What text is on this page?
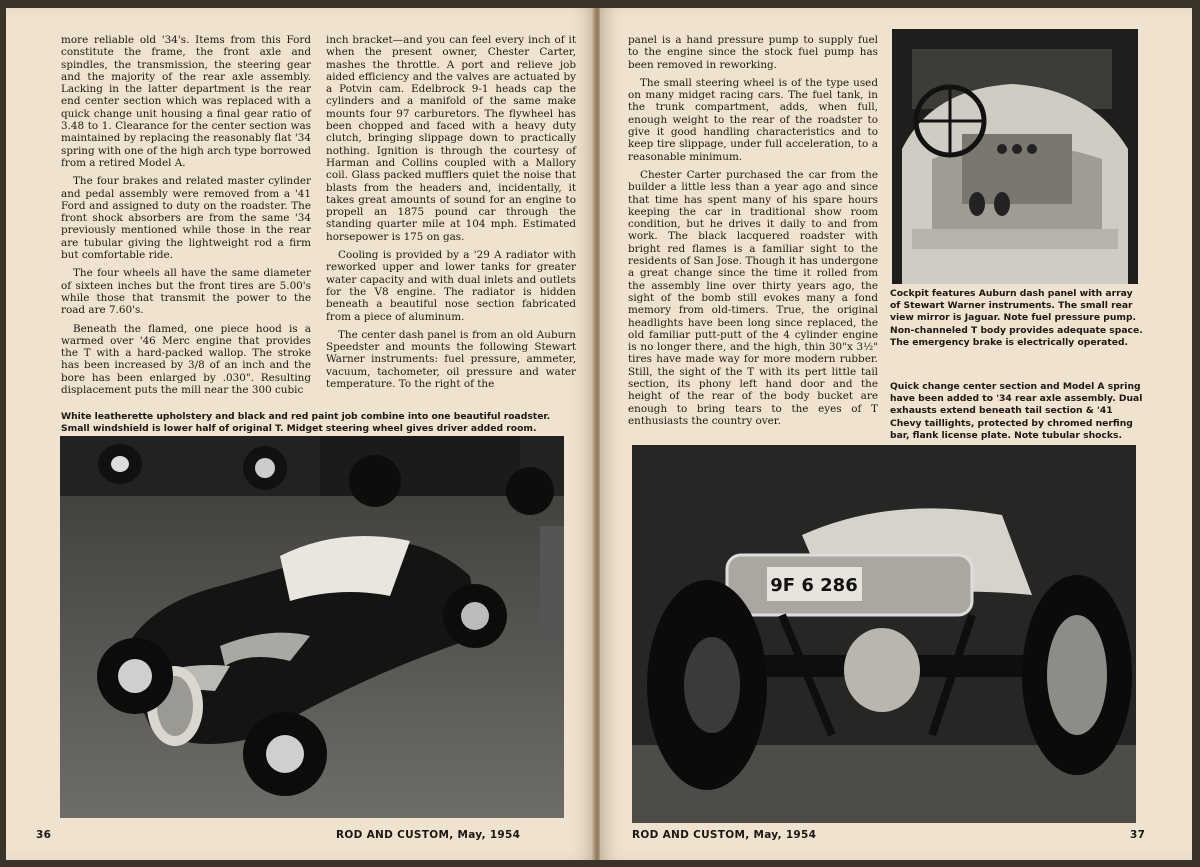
more reliable old '34's. Items from this Ford constitute the frame, the front axle and spindles, the transmission, the steering gear and the majority of the rear axle assembly. Lacking in the latter department is the rear end center section which was replaced with a quick change unit housing a final gear ratio of 3.48 to 1. Clearance for the center section was maintained by replacing the reasonably flat '34 spring with one of the high arch type borrowed from a retired Model A.

The four brakes and related master cylinder and pedal assembly were removed from a '41 Ford and assigned to duty on the roadster. The front shock absorbers are from the same '34 previously mentioned while those in the rear are tubular giving the lightweight rod a firm but comfortable ride.

The four wheels all have the same diameter of sixteen inches but the front tires are 5.00's while those that transmit the power to the road are 7.60's.

Beneath the flamed, one piece hood is a warmed over '46 Merc engine that provides the T with a hard-packed wallop. The stroke has been increased by 3/8 of an inch and the bore has been enlarged by .030". Resulting displacement puts the mill near the 300 cubic

inch bracket—and you can feel every inch of it when the present owner, Chester Carter, mashes the throttle. A port and relieve job aided efficiency and the valves are actuated by a Potvin cam. Edelbrock 9-1 heads cap the cylinders and a manifold of the same make mounts four 97 carburetors. The flywheel has been chopped and faced with a heavy duty clutch, bringing slippage down to practically nothing. Ignition is through the courtesy of Harman and Collins coupled with a Mallory coil. Glass packed mufflers quiet the noise that blasts from the headers and, incidentally, it takes great amounts of sound for an engine to propell an 1875 pound car through the standing quarter mile at 104 mph. Estimated horsepower is 175 on gas.

Cooling is provided by a '29 A radiator with reworked upper and lower tanks for greater water capacity and with dual inlets and outlets for the V8 engine. The radiator is hidden beneath a beautiful nose section fabricated from a piece of aluminum.

The center dash panel is from an old Auburn Speedster and mounts the following Stewart Warner instruments: fuel pressure, ammeter, vacuum, tachometer, oil pressure and water temperature. To the right of the

White leatherette upholstery and black and red paint job combine into one beautiful roadster. Small windshield is lower half of original T. Midget steering wheel gives driver added room.
36	ROD AND CUSTOM, May, 1954

panel is a hand pressure pump to supply fuel to the engine since the stock fuel pump has been removed in reworking.

The small steering wheel is of the type used on many midget racing cars. The fuel tank, in the trunk compartment, adds, when full, enough weight to the rear of the roadster to give it good handling characteristics and to keep tire slippage, under full acceleration, to a reasonable minimum.

Chester Carter purchased the car from the builder a little less than a year ago and since that time has spent many of his spare hours keeping the car in traditional show room condition, but he drives it daily to and from work. The black lacquered roadster with bright red flames is a familiar sight to the residents of San Jose. Though it has undergone a great change since the time it rolled from the assembly line over thirty years ago, the sight of the bomb still evokes many a fond memory from old-timers. True, the original headlights have been long since replaced, the old familiar putt-putt of the 4 cylinder engine is no longer there, and the high, thin 30"x 3½" tires have made way for more modern rubber. Still, the sight of the T with its pert little tail section, its phony left hand door and the height of the rear of the body bucket are enough to bring tears to the eyes of T enthusiasts the country over.

Cockpit features Auburn dash panel with array of Stewart Warner instruments. The small rear view mirror is Jaguar. Note fuel pressure pump. Non-channeled T body provides adequate space. The emergency brake is electrically operated.
Quick change center section and Model A spring have been added to '34 rear axle assembly. Dual exhausts extend beneath tail section & '41 Chevy taillights, protected by chromed nerfing bar, flank license plate. Note tubular shocks.
9F 6 286
ROD AND CUSTOM, May, 1954	37
